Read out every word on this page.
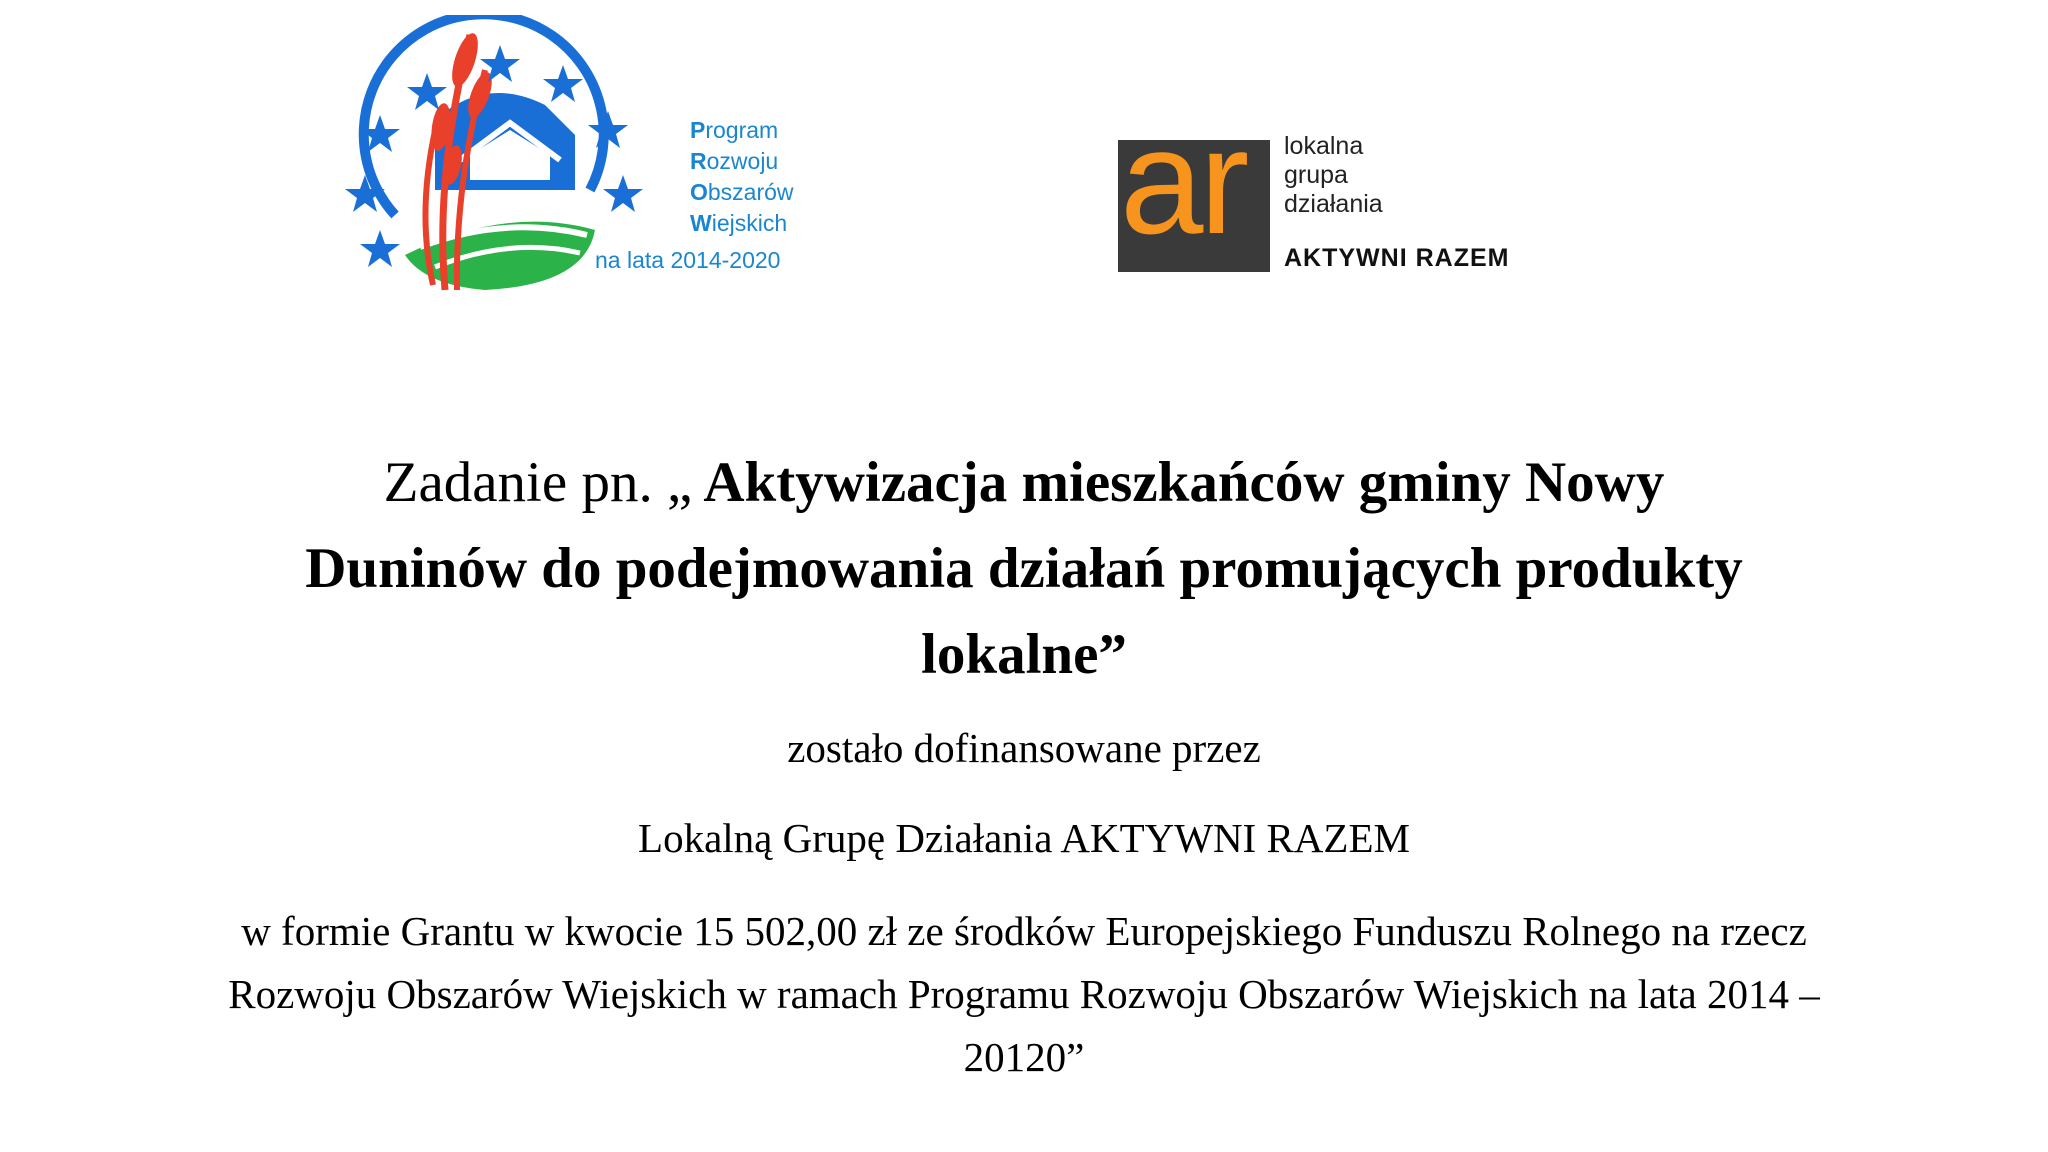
Program
Rozwoju
Obszarów
Wiejskich
na lata 2014-2020 ar lokalna
grupa
działania
AKTYWNI RAZEM

Zadanie pn. „ Aktywizacja mieszkańców gminy Nowy Duninów do podejmowania działań promujących produkty lokalne”

zostało dofinansowane przez

Lokalną Grupę Działania AKTYWNI RAZEM

w formie Grantu w kwocie 15 502,00 zł ze środków Europejskiego Funduszu Rolnego na rzecz Rozwoju Obszarów Wiejskich w ramach Programu Rozwoju Obszarów Wiejskich na lata 2014 – 20120”
